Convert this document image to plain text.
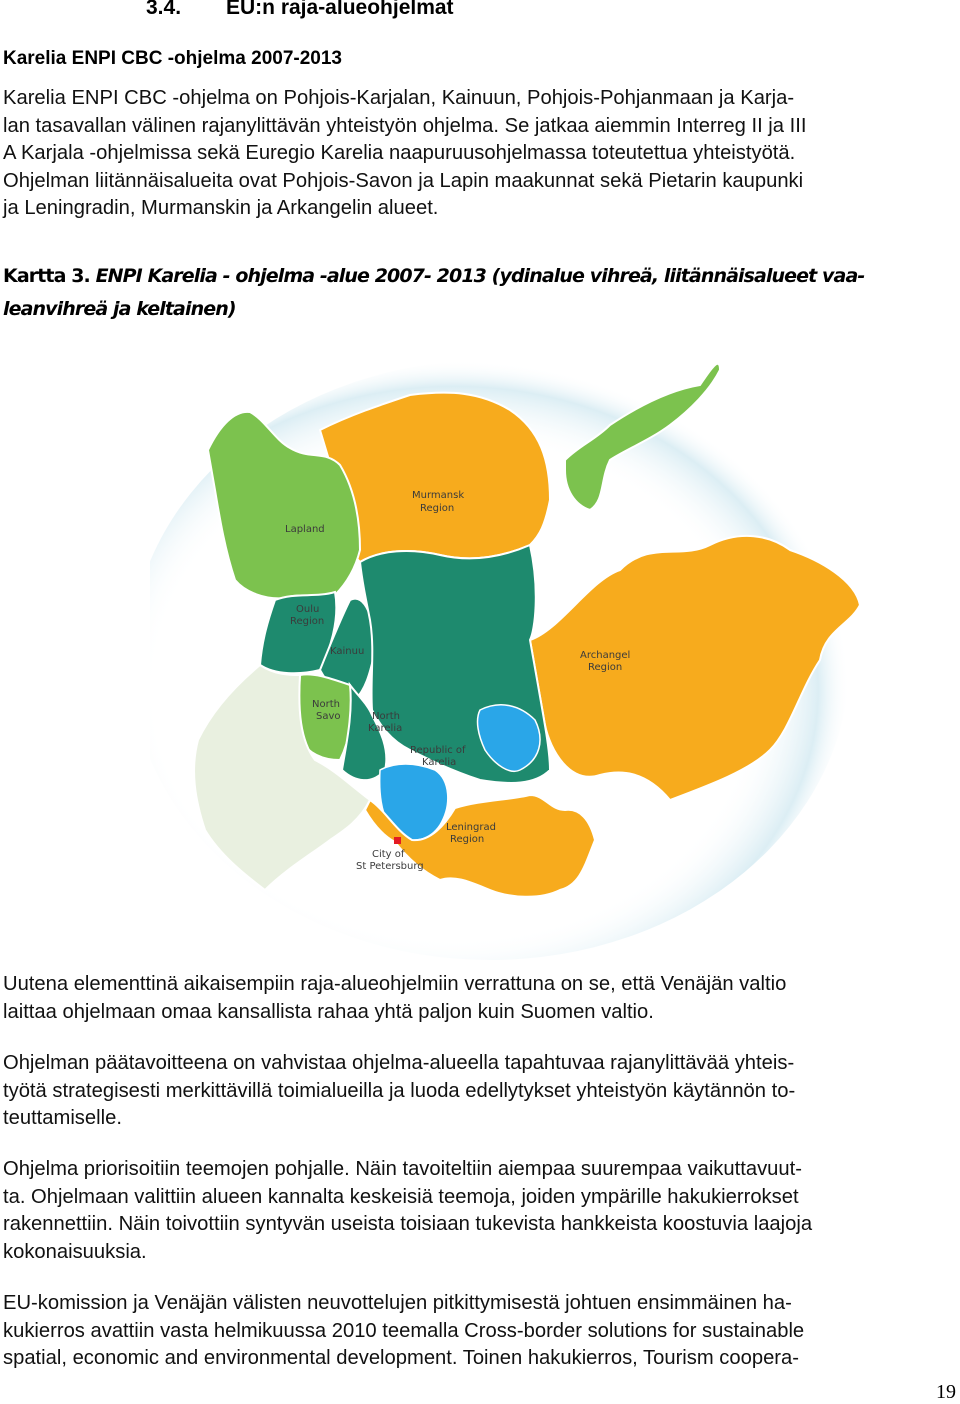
3.4. EU:n raja-alueohjelmat
Karelia ENPI CBC -ohjelma 2007-2013

Karelia ENPI CBC -ohjelma on Pohjois-Karjalan, Kainuun, Pohjois-Pohjanmaan ja Karja-
lan tasavallan välinen rajanylittävän yhteistyön ohjelma. Se jatkaa aiemmin Interreg II ja III
A Karjala -ohjelmissa sekä Euregio Karelia naapuruusohjelmassa toteutettua yhteistyötä.
Ohjelman liitännäisalueita ovat Pohjois-Savon ja Lapin maakunnat sekä Pietarin kaupunki
ja Leningradin, Murmanskin ja Arkangelin alueet.

Kartta 3. ENPI Karelia - ohjelma -alue 2007- 2013 (ydinalue vihreä, liitännäisalueet vaa-
leanvihreä ja keltainen)

Lapland
Murmansk
Region
Oulu
Region
Kainuu	Archangel
Region
North
Savo	North
Karelia
Republic of
Karelia
Leningrad
Region
City of
St Petersburg

Uutena elementtinä aikaisempiin raja-alueohjelmiin verrattuna on se, että Venäjän valtio
laittaa ohjelmaan omaa kansallista rahaa yhtä paljon kuin Suomen valtio.

Ohjelman päätavoitteena on vahvistaa ohjelma-alueella tapahtuvaa rajanylittävää yhteis-
työtä strategisesti merkittävillä toimialueilla ja luoda edellytykset yhteistyön käytännön to-
teuttamiselle.

Ohjelma priorisoitiin teemojen pohjalle. Näin tavoiteltiin aiempaa suurempaa vaikuttavuut-
ta. Ohjelmaan valittiin alueen kannalta keskeisiä teemoja, joiden ympärille hakukierrokset
rakennettiin. Näin toivottiin syntyvän useista toisiaan tukevista hankkeista koostuvia laajoja
kokonaisuuksia.

EU-komission ja Venäjän välisten neuvottelujen pitkittymisestä johtuen ensimmäinen ha-
kukierros avattiin vasta helmikuussa 2010 teemalla Cross-border solutions for sustainable
spatial, economic and environmental development. Toinen hakukierros, Tourism coopera-

19
